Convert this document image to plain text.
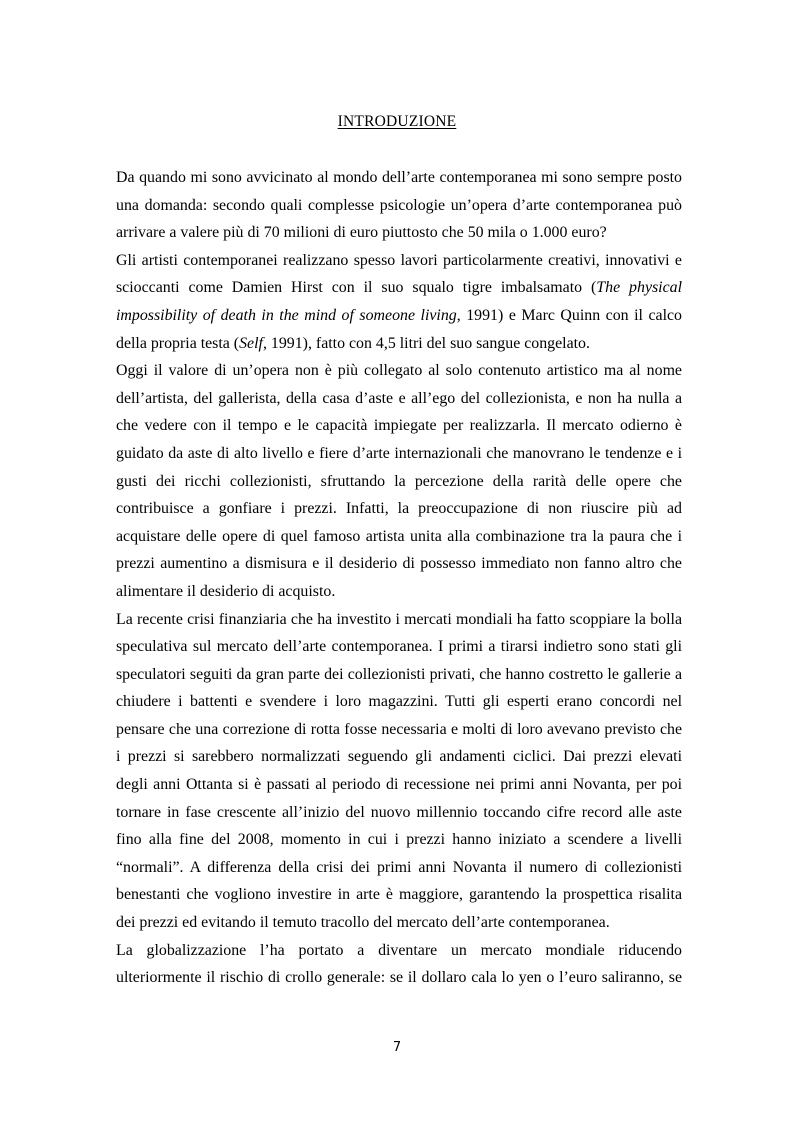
INTRODUZIONE

Da quando mi sono avvicinato al mondo dell’arte contemporanea mi sono sempre posto
una domanda: secondo quali complesse psicologie un’opera d’arte contemporanea può
arrivare a valere più di 70 milioni di euro piuttosto che 50 mila o 1.000 euro?

Gli artisti contemporanei realizzano spesso lavori particolarmente creativi, innovativi e
scioccanti come Damien Hirst con il suo squalo tigre imbalsamato (The physical
impossibility of death in the mind of someone living, 1991) e Marc Quinn con il calco
della propria testa (Self, 1991), fatto con 4,5 litri del suo sangue congelato.

Oggi il valore di un’opera non è più collegato al solo contenuto artistico ma al nome
dell’artista, del gallerista, della casa d’aste e all’ego del collezionista, e non ha nulla a
che vedere con il tempo e le capacità impiegate per realizzarla. Il mercato odierno è
guidato da aste di alto livello e fiere d’arte internazionali che manovrano le tendenze e i
gusti dei ricchi collezionisti, sfruttando la percezione della rarità delle opere che
contribuisce a gonfiare i prezzi. Infatti, la preoccupazione di non riuscire più ad
acquistare delle opere di quel famoso artista unita alla combinazione tra la paura che i
prezzi aumentino a dismisura e il desiderio di possesso immediato non fanno altro che
alimentare il desiderio di acquisto.

La recente crisi finanziaria che ha investito i mercati mondiali ha fatto scoppiare la bolla
speculativa sul mercato dell’arte contemporanea. I primi a tirarsi indietro sono stati gli
speculatori seguiti da gran parte dei collezionisti privati, che hanno costretto le gallerie a
chiudere i battenti e svendere i loro magazzini. Tutti gli esperti erano concordi nel
pensare che una correzione di rotta fosse necessaria e molti di loro avevano previsto che
i prezzi si sarebbero normalizzati seguendo gli andamenti ciclici. Dai prezzi elevati
degli anni Ottanta si è passati al periodo di recessione nei primi anni Novanta, per poi
tornare in fase crescente all’inizio del nuovo millennio toccando cifre record alle aste
fino alla fine del 2008, momento in cui i prezzi hanno iniziato a scendere a livelli
“normali”. A differenza della crisi dei primi anni Novanta il numero di collezionisti
benestanti che vogliono investire in arte è maggiore, garantendo la prospettica risalita
dei prezzi ed evitando il temuto tracollo del mercato dell’arte contemporanea.

La globalizzazione l’ha portato a diventare un mercato mondiale riducendo
ulteriormente il rischio di crollo generale: se il dollaro cala lo yen o l’euro saliranno, se

7
